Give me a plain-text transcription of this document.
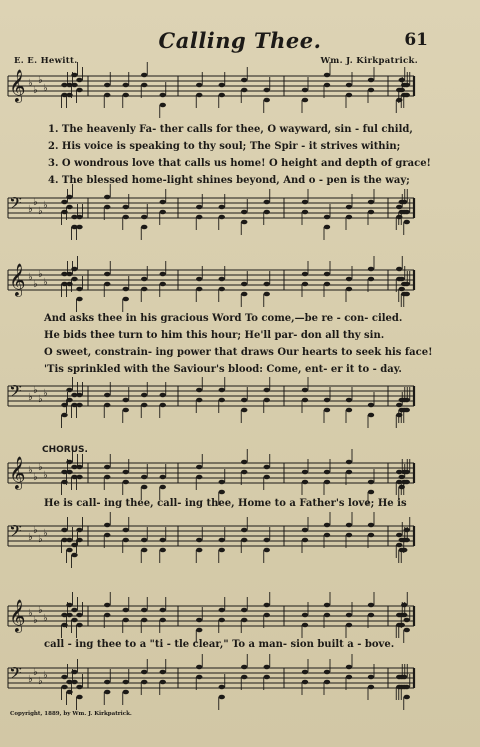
Calling Thee.	61
E. E. Hewitt.	Wm. J. Kirkpatrick.
𝄞 ♭
♭
♭
♭
1. The heavenly Fa- ther calls for thee, O wayward, sin - ful child,
2. His voice is speaking to thy soul; The Spir - it strives within;
3. O wondrous love that calls us home! O height and depth of grace!
4. The blessed home-light shines beyond, And o - pen is the way;
𝄢 ♭
♭
♭
♭
𝄞 ♭
♭
♭
♭
And asks thee in his gracious Word To come,—be re - con- ciled.
He bids thee turn to him this hour; He'll par- don all thy sin.
O sweet, constrain- ing power that draws Our hearts to seek his face!
'Tis sprinkled with the Saviour's blood: Come, ent- er it to - day.
𝄢 ♭
♭
♭
♭
CHORUS.
𝄞 ♭
♭
♭
♭
He is call- ing thee, call- ing thee, Home to a Father's love; He is
𝄢 ♭
♭
♭
♭
𝄞 ♭
♭
♭
♭
call - ing thee to a "ti - tle clear," To a man- sion built a - bove.
𝄢 ♭
♭
♭
♭
Copyright, 1889, by Wm. J. Kirkpatrick.
